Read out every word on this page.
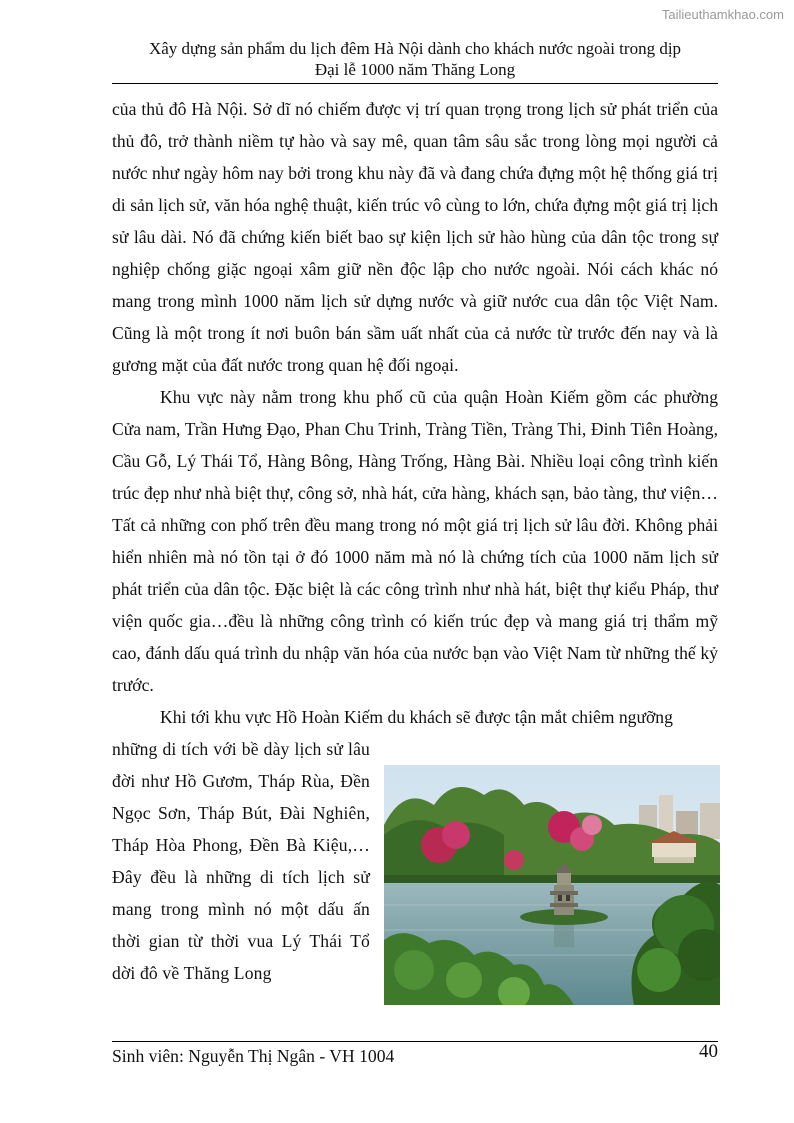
Tailieuthamkhao.com
Xây dựng sản phẩm du lịch đêm Hà Nội dành cho khách nước ngoài trong dịp
Đại lễ 1000 năm Thăng Long

của thủ đô Hà Nội. Sở dĩ nó chiếm được vị trí quan trọng trong lịch sử phát triển của thủ đô, trở thành niềm tự hào và say mê, quan tâm sâu sắc trong lòng mọi người cả nước như ngày hôm nay bởi trong khu này đã và đang chứa đựng một hệ thống giá trị di sản lịch sử, văn hóa nghệ thuật, kiến trúc vô cùng to lớn, chứa đựng một giá trị lịch sử lâu dài. Nó đã chứng kiến biết bao sự kiện lịch sử hào hùng của dân tộc trong sự nghiệp chống giặc ngoại xâm giữ nền độc lập cho nước ngoài. Nói cách khác nó mang trong mình 1000 năm lịch sử dựng nước và giữ nước cua dân tộc Việt Nam. Cũng là một trong ít nơi buôn bán sầm uất nhất của cả nước từ trước đến nay và là gương mặt của đất nước trong quan hệ đối ngoại.

Khu vực này nằm trong khu phố cũ của quận Hoàn Kiếm gồm các phường Cửa nam, Trần Hưng Đạo, Phan Chu Trinh, Tràng Tiền, Tràng Thi, Đinh Tiên Hoàng, Cầu Gỗ, Lý Thái Tổ, Hàng Bông, Hàng Trống, Hàng Bài. Nhiều loại công trình kiến trúc đẹp như nhà biệt thự, công sở, nhà hát, cửa hàng, khách sạn, bảo tàng, thư viện…Tất cả những con phố trên đều mang trong nó một giá trị lịch sử lâu đời. Không phải hiển nhiên mà nó tồn tại ở đó 1000 năm mà nó là chứng tích của 1000 năm lịch sử phát triển của dân tộc. Đặc biệt là các công trình như nhà hát, biệt thự kiểu Pháp, thư viện quốc gia…đều là những công trình có kiến trúc đẹp và mang giá trị thẩm mỹ cao, đánh dấu quá trình du nhập văn hóa của nước bạn vào Việt Nam từ những thế kỷ trước.

Khi tới khu vực Hồ Hoàn Kiếm du khách sẽ được tận mắt chiêm ngưỡng

những di tích với bề dày lịch sử lâu đời như Hồ Gươm, Tháp Rùa, Đền Ngọc Sơn, Tháp Bút, Đài Nghiên, Tháp Hòa Phong, Đền Bà Kiệu,… Đây đều là những di tích lịch sử mang trong mình nó một dấu ấn thời gian từ thời vua Lý Thái Tổ dời đô về Thăng Long

Sinh viên: Nguyễn Thị Ngân - VH 1004	40
